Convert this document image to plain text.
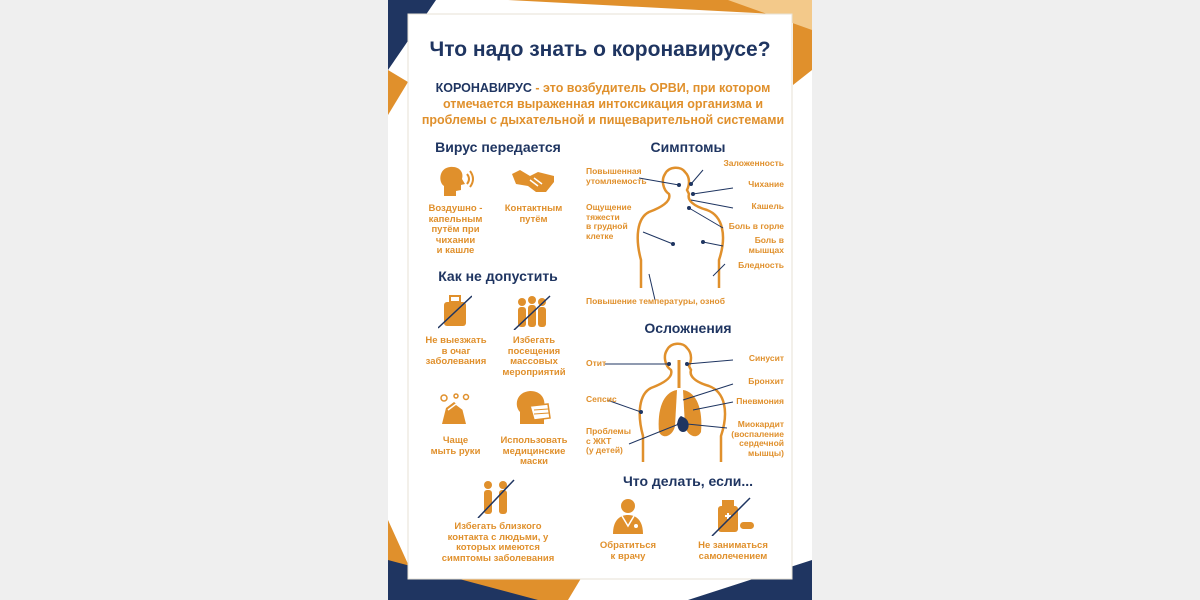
Что надо знать о коронавирусе?
КОРОНАВИРУС - это возбудитель ОРВИ, при котором
отмечается выраженная интоксикация организма и
проблемы с дыхательной и пищеварительной системами
Вирус передается
Воздушно -
капельным
путём при
чихании
и кашле
Контактным
путём
Как не допустить
Не выезжать
в очаг
заболевания
Избегать
посещения
массовых
мероприятий
Чаще
мыть руки
Использовать
медицинские
маски
Избегать близкого
контакта с людьми, у
которых имеются
симптомы заболевания
Симптомы
Повышенная
утомляемость
Ощущение
тяжести
в грудной
клетке
Заложенность
Чихание
Кашель
Боль в горле
Боль в
мышцах
Бледность
Повышение температуры, озноб
Осложнения
Отит
Сепсис
Проблемы
с ЖКТ
(у детей)
Синусит
Бронхит
Пневмония
Миокардит
(воспаление
сердечной
мышцы)
Что делать, если...
Обратиться
к врачу
Не заниматься
самолечением
